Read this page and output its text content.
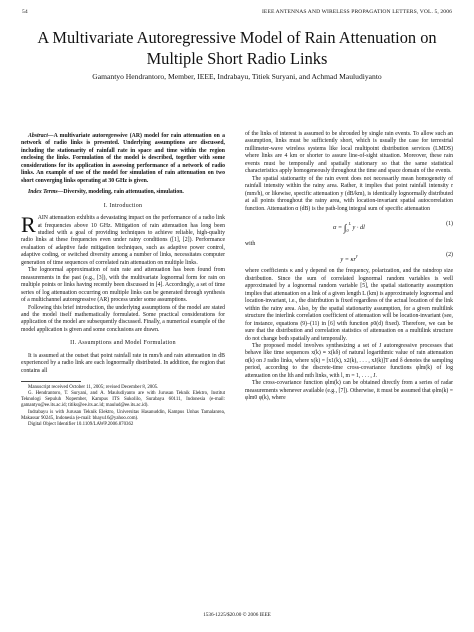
54	IEEE ANTENNAS AND WIRELESS PROPAGATION LETTERS, VOL. 5, 2006
A Multivariate Autoregressive Model of Rain Attenuation on Multiple Short Radio Links
Gamantyo Hendrantoro, Member, IEEE, Indrabayu, Titiek Suryani, and Achmad Mauludiyanto

Abstract—A multivariate autoregressive (AR) model for rain attenuation on a network of radio links is presented. Underlying assumptions are discussed, including the stationarity of rainfall rate in space and time within the region enclosing the links. Formulation of the model is described, together with some considerations for its application in assessing performance of a network of radio links. An example of use of the model for simulation of rain attenuation on two short converging links operating at 30 GHz is given.

Index Terms—Diversity, modeling, rain attenuation, simulation.

I. Introduction

RAIN attenuation exhibits a devastating impact on the performance of a radio link at frequencies above 10 GHz. Mitigation of rain attenuation has long been studied with a goal of providing techniques to achieve reliable, high-quality radio links at these frequencies even under rainy conditions ([1], [2]). Performance evaluation of adaptive fade mitigation techniques, such as adaptive power control, adaptive coding, or switched diversity among a number of links, necessitates computer generation of time sequences of correlated rain attenuation on multiple links.

The lognormal approximation of rain rate and attenuation has been found from measurements in the past (e.g., [3]), with the multivariate lognormal form for rain on multiple points or links having recently been discussed in [4]. Accordingly, a set of time series of log attenuation occurring on multiple links can be generated through synthesis of a multichannel autoregressive (AR) process under some assumptions.

Following this brief introduction, the underlying assumptions of the model are stated and the model itself mathematically formulated. Some practical considerations for application of the model are subsequently discussed. Finally, a numerical example of the model application is given and some conclusions are drawn.

II. Assumptions and Model Formulation

It is assumed at the outset that point rainfall rate in mm/h and rain attenuation in dB experienced by a radio link are each lognormally distributed. In addition, the region that contains all

Manuscript received October 11, 2005; revised December 8, 2005.

G. Hendrantoro, T. Suryani, and A. Mauludiyanto are with Jurusan Teknik Elektro, Institut Teknologi Sepuluh Nopember, Kampus ITS Sukolilo, Surabaya 60111, Indonesia (e-mail: gamantyo@ee.its.ac.id; titiks@ee.its.ac.id; maulud@ee.its.ac.id).

Indrabayu is with Jurusan Teknik Elektro, Universitas Hasanuddin, Kampus Unhas Tamalanrea, Makassar 90245, Indonesia (e-mail: bhayu16@yahoo.com).

Digital Object Identifier 10.1109/LAWP.2006.870362

of the links of interest is assumed to be shrouded by single rain events. To allow such an assumption, links must be sufficiently short, which is usually the case for terrestrial millimeter-wave wireless systems like local multipoint distribution services (LMDS) where links are 4 km or shorter to assure line-of-sight situation. Moreover, these rain events must be temporally and spatially stationary so that the same statistical characteristics apply homogeneously throughout the time and space domain of the events.

The spatial stationarity of the rain event does not necessarily mean homogeneity of rainfall intensity within the rainy area. Rather, it implies that point rainfall intensity r (mm/h), or likewise, specific attenuation y (dB/km), is identically lognormally distributed at all points throughout the rainy area, with location-invariant spatial autocorrelation function. Attenuation α (dB) is the path-long integral sum of specific attenuation

$\alpha = \int_0^L$ y · dl	(1)

with

$y = \kappa r^\gamma$	(2)

where coefficients κ and γ depend on the frequency, polarization, and the raindrop size distribution. Since the sum of correlated lognormal random variables is well approximated by a lognormal random variable [5], the spatial stationarity assumption implies that attenuation on a link of a given length L (km) is approximately lognormal and location-invariant, i.e., the distribution is fixed regardless of the actual location of the link within the rainy area. Also, by the spatial stationarity assumption, for a given multilink structure the interlink correlation coefficient of attenuation will be location-invariant (see, for instance, equations (9)–(11) in [6] with function ρ0(d) fixed). Therefore, we can be sure that the distribution and correlation statistics of attenuation on a multilink structure do not change both spatially and temporally.

The proposed model involves synthesizing a set of J autoregressive processes that behave like time sequences x(k) ≡ x(kδ) of natural logarithmic value of rain attenuation α(k) on J radio links, where x(k) = [x1(k), x2(k), . . . , xJ(k)]T and δ denotes the sampling period, according to the discrete-time cross-covariance functions φlm(k) of log attenuation on the lth and mth links, with l, m = 1, . . . , J.

The cross-covariance function φlm(k) can be obtained directly from a series of radar measurements whenever available (e.g., [7]). Otherwise, it must be assumed that φlm(k) = φlm0 φ(k), where

1536-1225/$20.00 © 2006 IEEE
